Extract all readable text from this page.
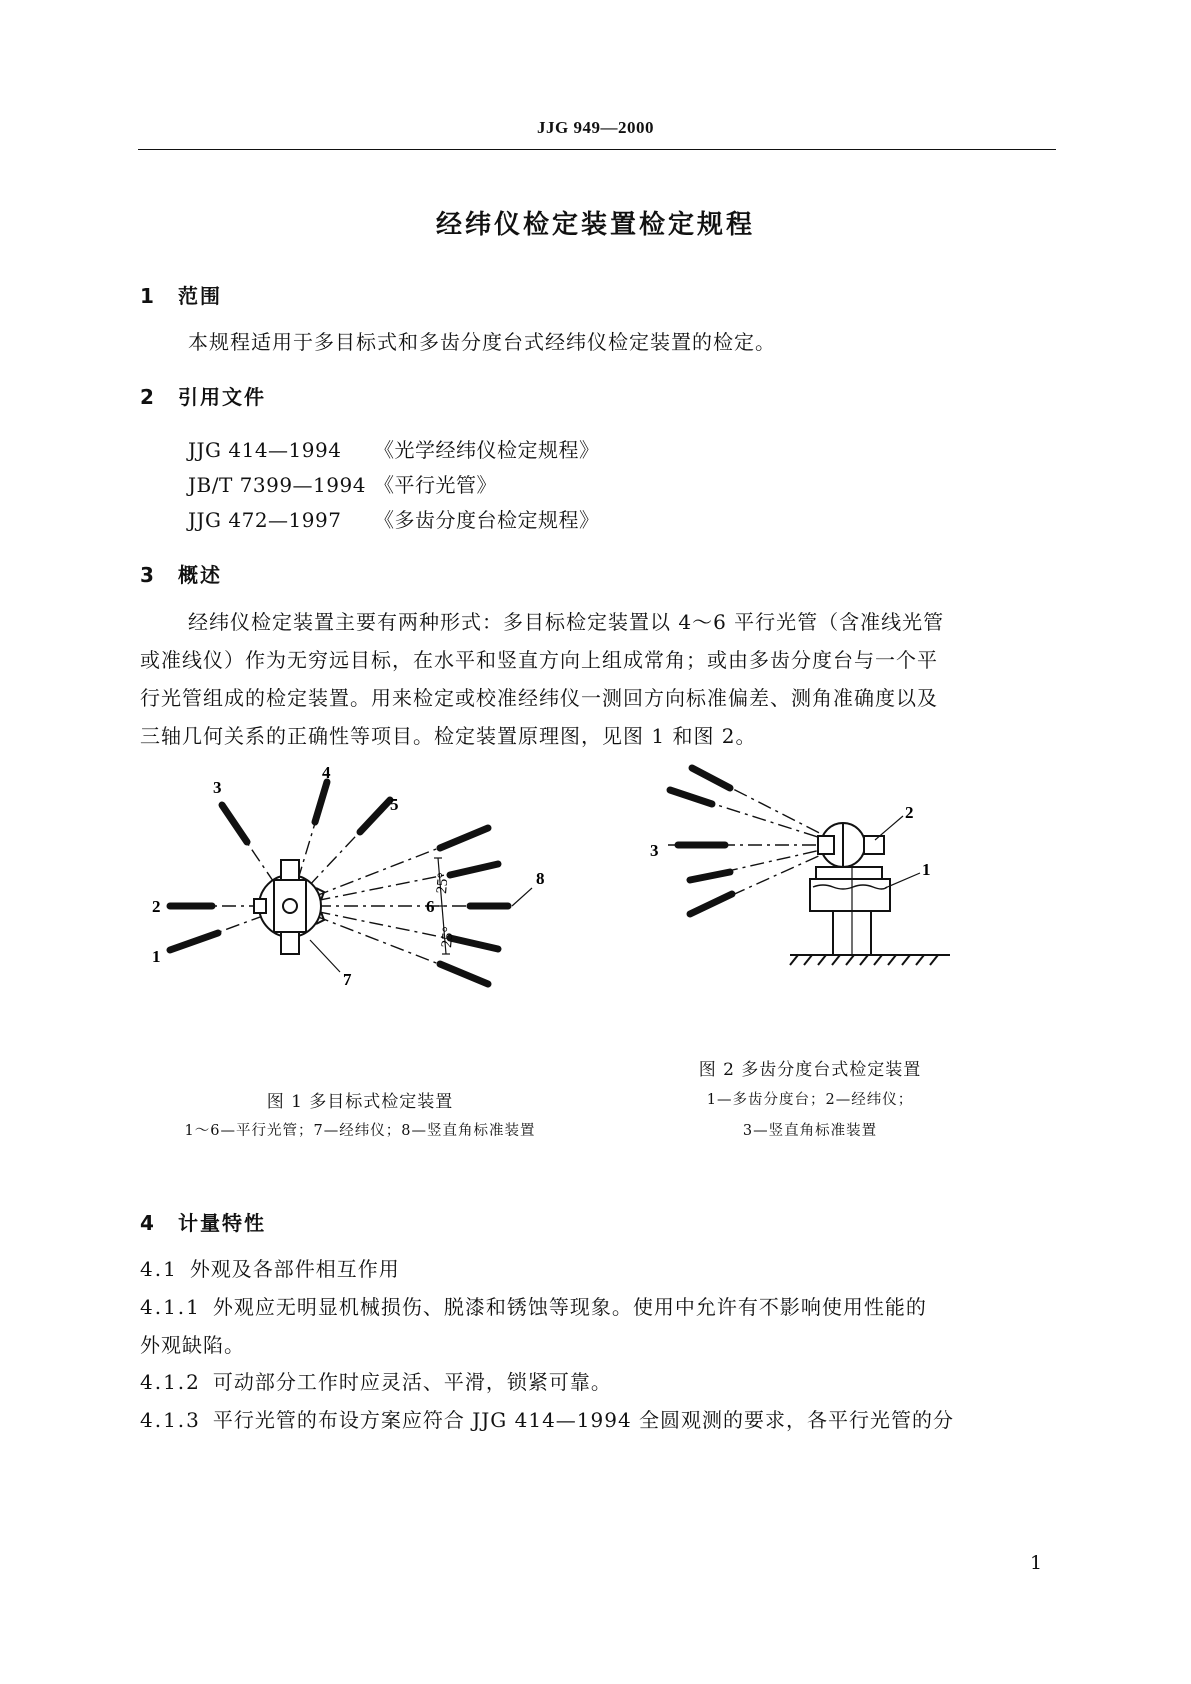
JJG 949—2000
经纬仪检定装置检定规程
1 范围
本规程适用于多目标式和多齿分度台式经纬仪检定装置的检定。
2 引用文件
JJG 414—1994 《光学经纬仪检定规程》
JB/T 7399—1994 《平行光管》
JJG 472—1997 《多齿分度台检定规程》
3 概述
经纬仪检定装置主要有两种形式：多目标检定装置以 4～6 平行光管（含准线光管
或准线仪）作为无穷远目标，在水平和竖直方向上组成常角；或由多齿分度台与一个平
行光管组成的检定装置。用来检定或校准经纬仪一测回方向标准偏差、测角准确度以及
三轴几何关系的正确性等项目。检定装置原理图，见图 1 和图 2。
3
4
5
2
1
6
8
7
25°
25°
图 1 多目标式检定装置
1～6—平行光管；7—经纬仪；8—竖直角标准装置
2
1
3
图 2 多齿分度台式检定装置
1—多齿分度台；2—经纬仪；
3—竖直角标准装置
4 计量特性
4.1 外观及各部件相互作用
4.1.1 外观应无明显机械损伤、脱漆和锈蚀等现象。使用中允许有不影响使用性能的
外观缺陷。
4.1.2 可动部分工作时应灵活、平滑，锁紧可靠。
4.1.3 平行光管的布设方案应符合 JJG 414—1994 全圆观测的要求，各平行光管的分
1
